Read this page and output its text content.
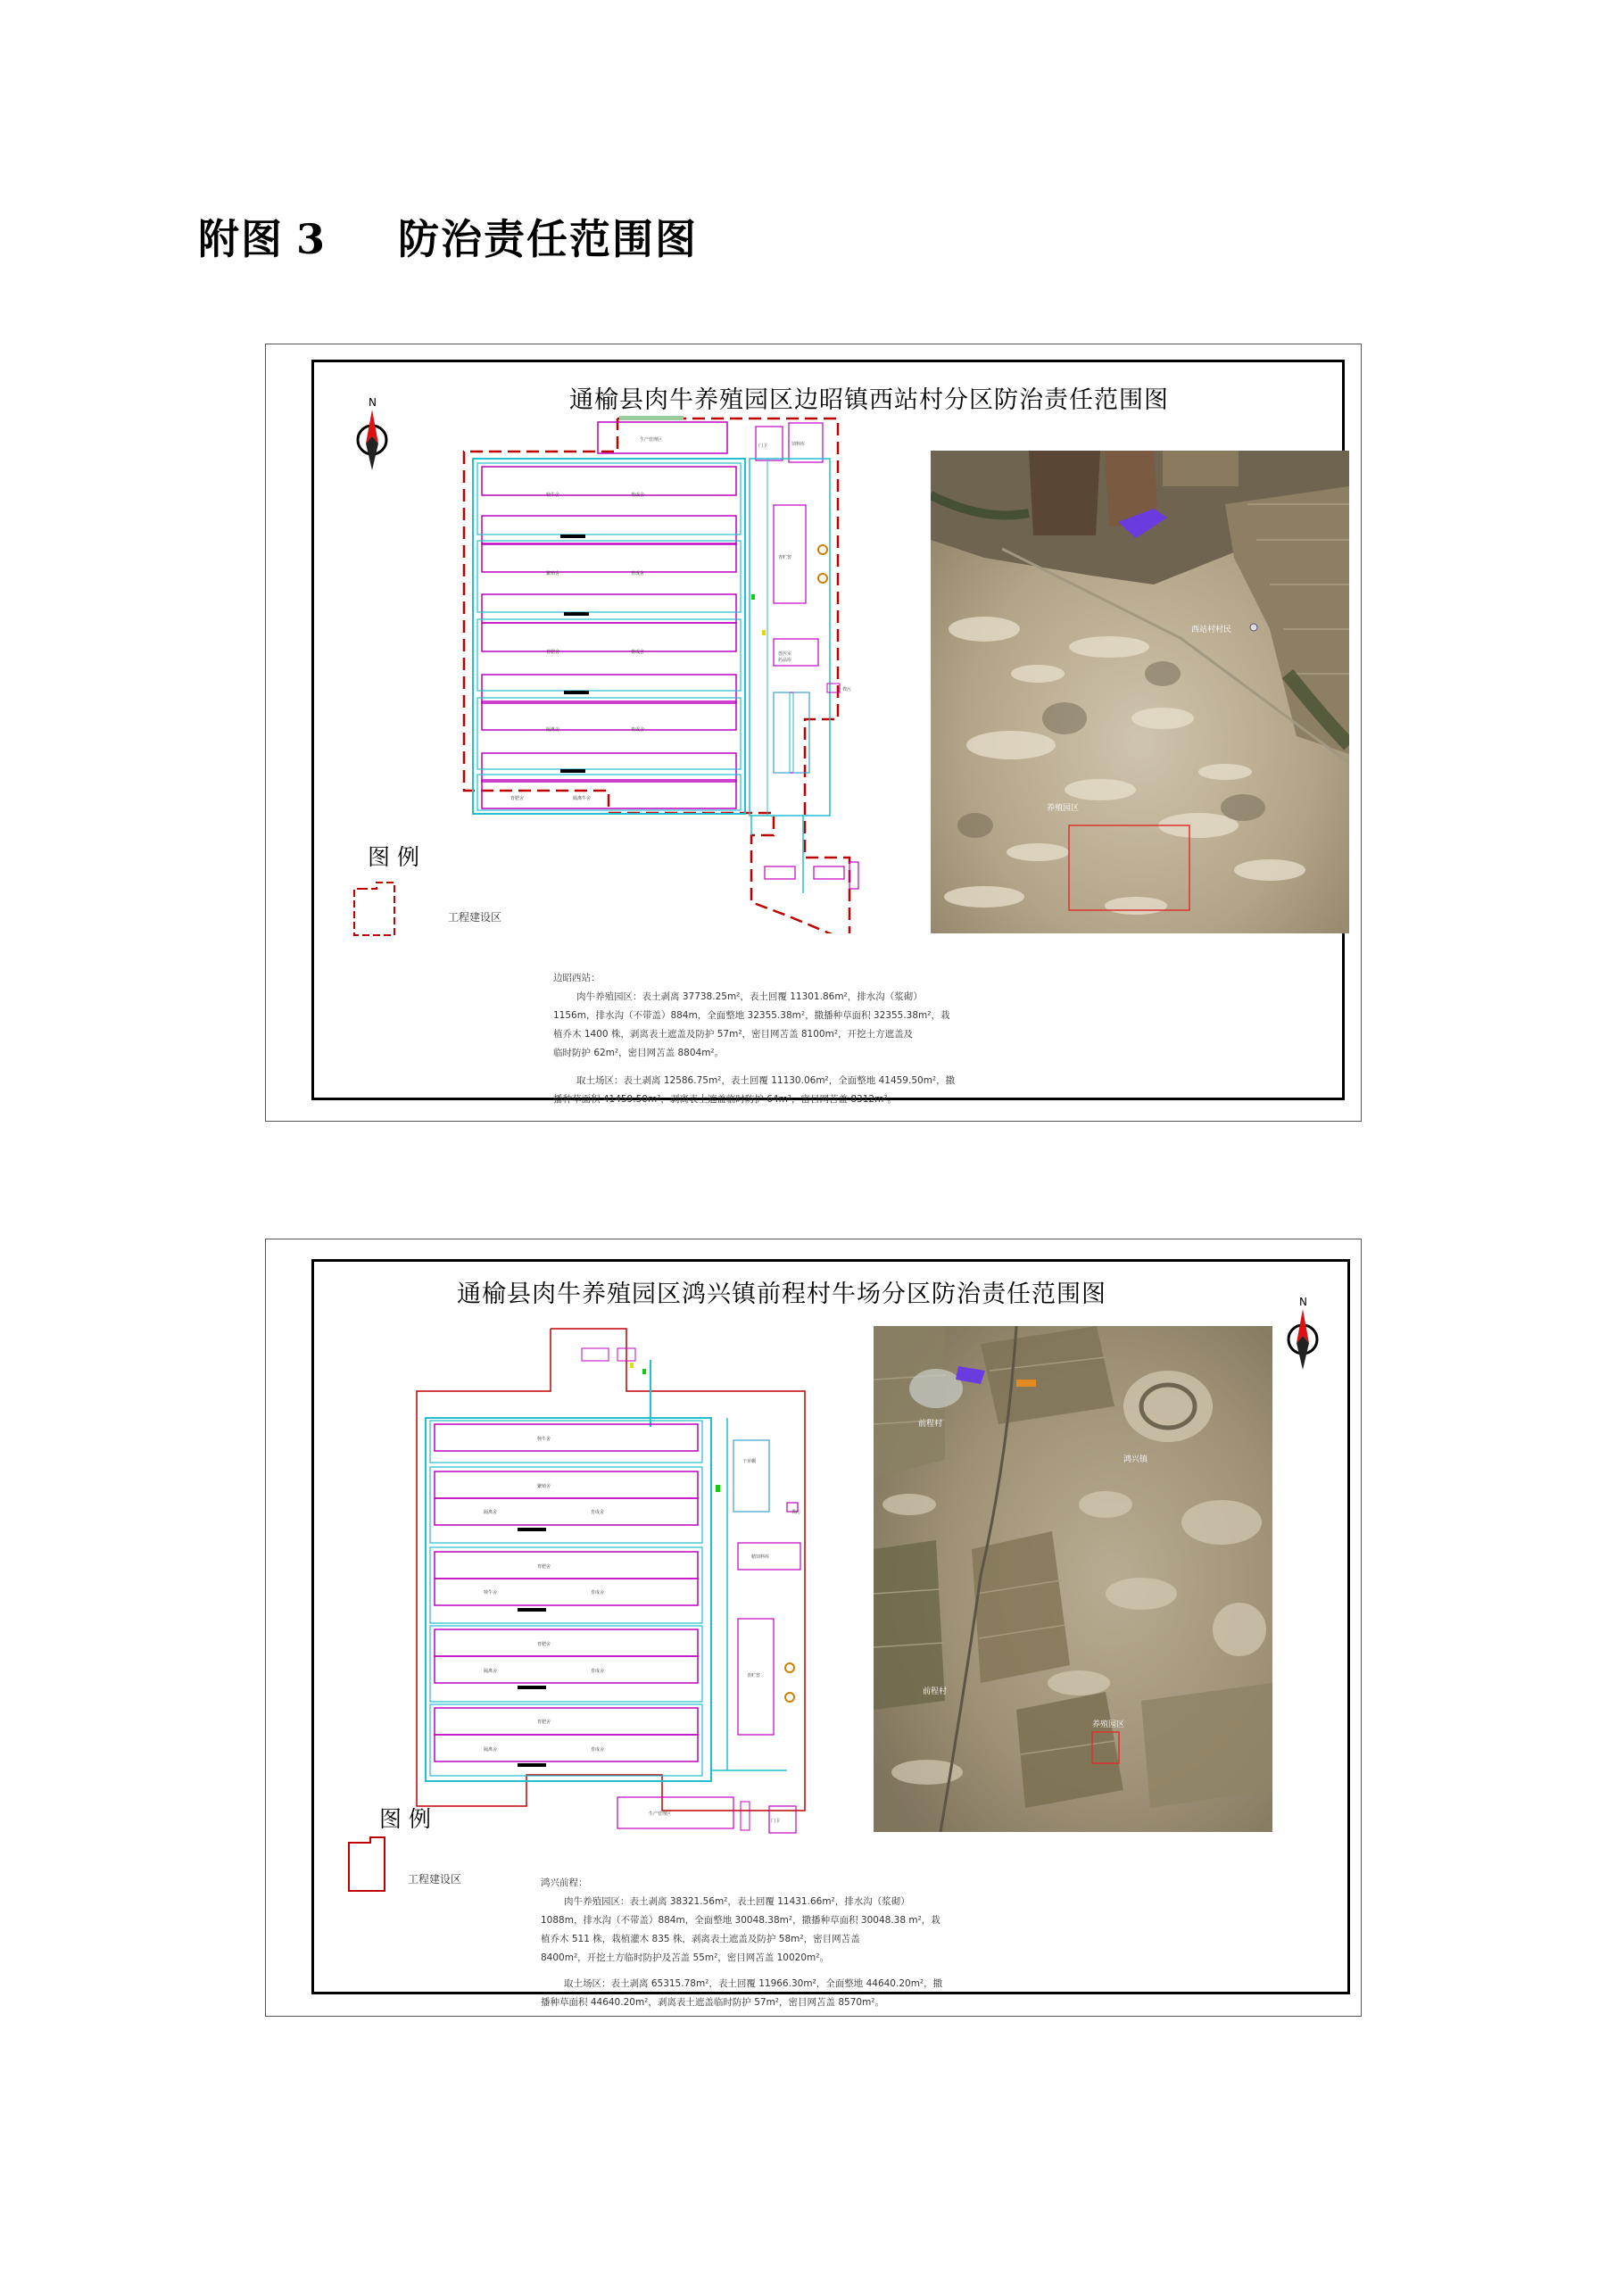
附图 3 防治责任范围图
通榆县肉牛养殖园区边昭镇西站村分区防治责任范围图
N
生产管理区
门卫	饲料库
犊牛舍	育成舍
繁殖舍	育成舍
育肥舍	育成舍
隔离舍	育成舍
育肥舍	隔离牛舍
青贮窖
兽医室
药品库
粪污
西站村村民
养殖园区
图 例
工程建设区

边昭西站：

肉牛养殖园区：表土剥离 37738.25m²，表土回覆 11301.86m²，排水沟（浆砌）

1156m，排水沟（不带盖）884m，全面整地 32355.38m²，撒播种草面积 32355.38m²，栽

植乔木 1400 株，剥离表土遮盖及防护 57m²，密目网苫盖 8100m²，开挖土方遮盖及

临时防护 62m²，密目网苫盖 8804m²。

取土场区：表土剥离 12586.75m²，表土回覆 11130.06m²，全面整地 41459.50m²，撒

播种草面积 41459.50m²，剥离表土遮盖临时防护 64m²，密目网苫盖 8312m²。

通榆县肉牛养殖园区鸿兴镇前程村牛场分区防治责任范围图	N
犊牛舍
繁殖舍
隔离舍	育成舍
育肥舍
犊牛舍	育成舍
育肥舍
隔离舍	育成舍
育肥舍
隔离舍	育成舍
干草棚
精饲料库
青贮窖
生产管理区
门卫
粪污
前程村
鸿兴镇
前程村
养殖园区
图 例
工程建设区	鸿兴前程：

肉牛养殖园区：表土剥离 38321.56m²，表土回覆 11431.66m²，排水沟（浆砌）

1088m，排水沟（不带盖）884m，全面整地 30048.38m²，撒播种草面积 30048.38 m²，栽

植乔木 511 株，栽植灌木 835 株，剥离表土遮盖及防护 58m²，密目网苫盖

8400m²，开挖土方临时防护及苫盖 55m²，密目网苫盖 10020m²。

取土场区：表土剥离 65315.78m²，表土回覆 11966.30m²，全面整地 44640.20m²，撒

播种草面积 44640.20m²，剥离表土遮盖临时防护 57m²，密目网苫盖 8570m²。
